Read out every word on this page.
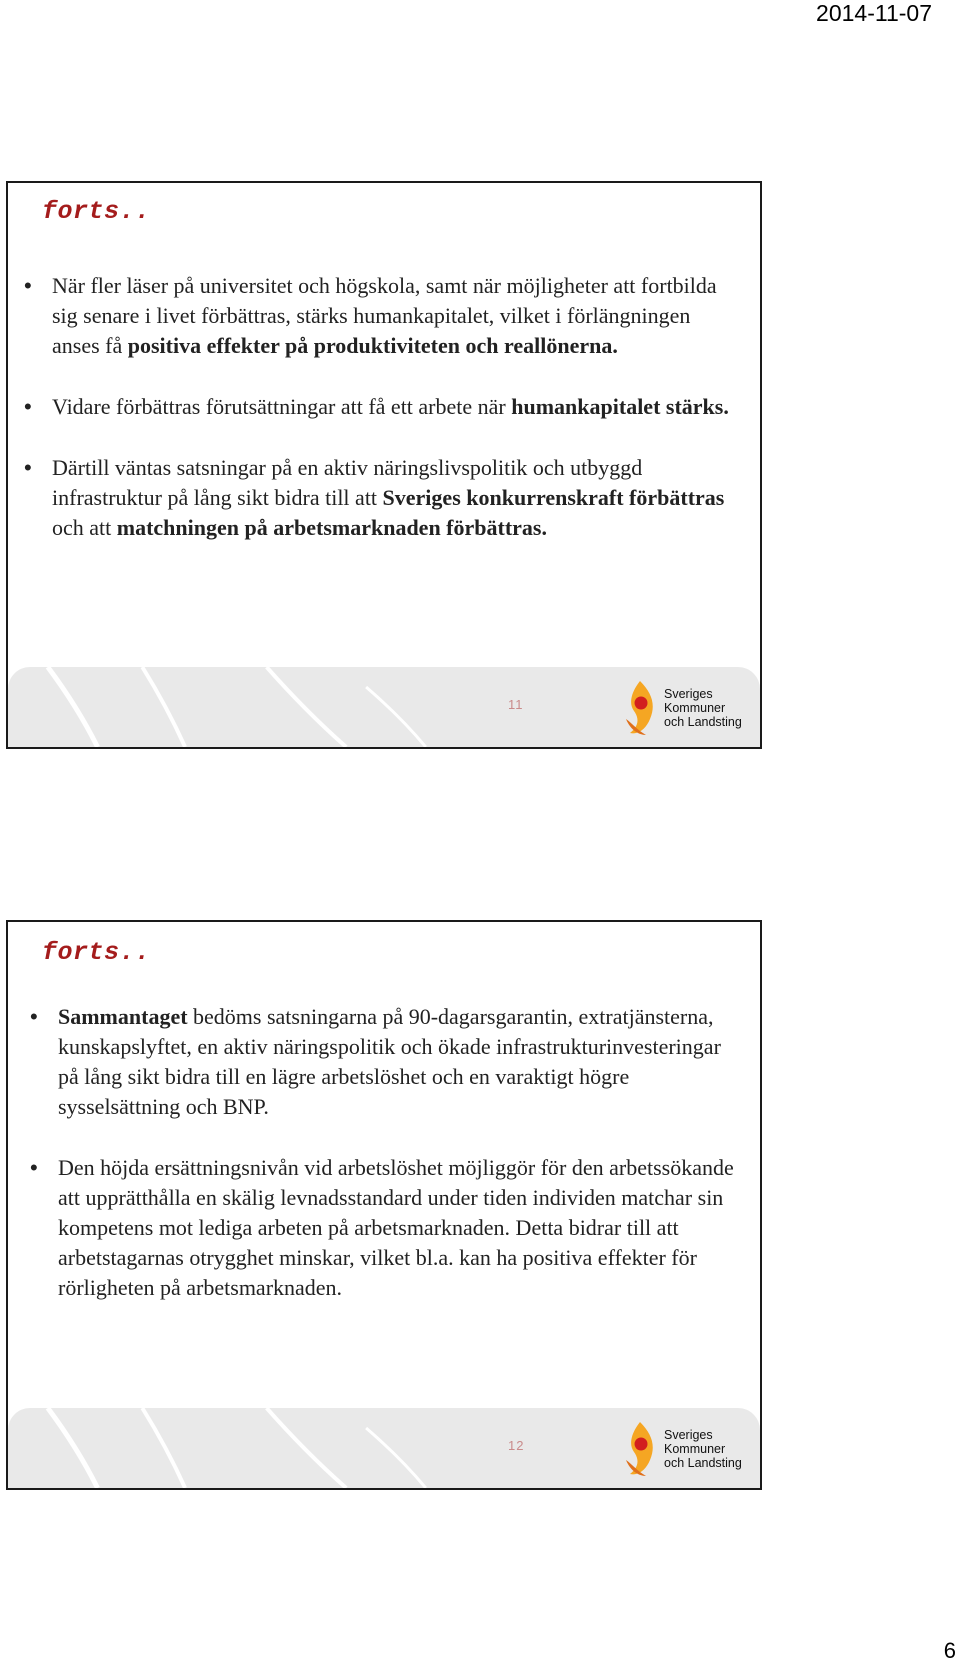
2014-11-07
forts..
• När fler läser på universitet och högskola, samt när möjligheter att fortbilda sig senare i livet förbättras, stärks humankapitalet, vilket i förlängningen anses få positiva effekter på produktiviteten och reallönerna.
• Vidare förbättras förutsättningar att få ett arbete när humankapitalet stärks.
• Därtill väntas satsningar på en aktiv näringslivspolitik och utbyggd infrastruktur på lång sikt bidra till att Sveriges konkurrenskraft förbättras och att matchningen på arbetsmarknaden förbättras.
11
Sveriges
Kommuner
och Landsting
forts..
• Sammantaget bedöms satsningarna på 90-dagarsgarantin, extratjänsterna, kunskapslyftet, en aktiv näringspolitik och ökade infrastrukturinvesteringar på lång sikt bidra till en lägre arbetslöshet och en varaktigt högre sysselsättning och BNP.
• Den höjda ersättningsnivån vid arbetslöshet möjliggör för den arbetssökande att upprätthålla en skälig levnadsstandard under tiden individen matchar sin kompetens mot lediga arbeten på arbetsmarknaden. Detta bidrar till att arbetstagarnas otrygghet minskar, vilket bl.a. kan ha positiva effekter för rörligheten på arbetsmarknaden.
12
Sveriges
Kommuner
och Landsting
6
